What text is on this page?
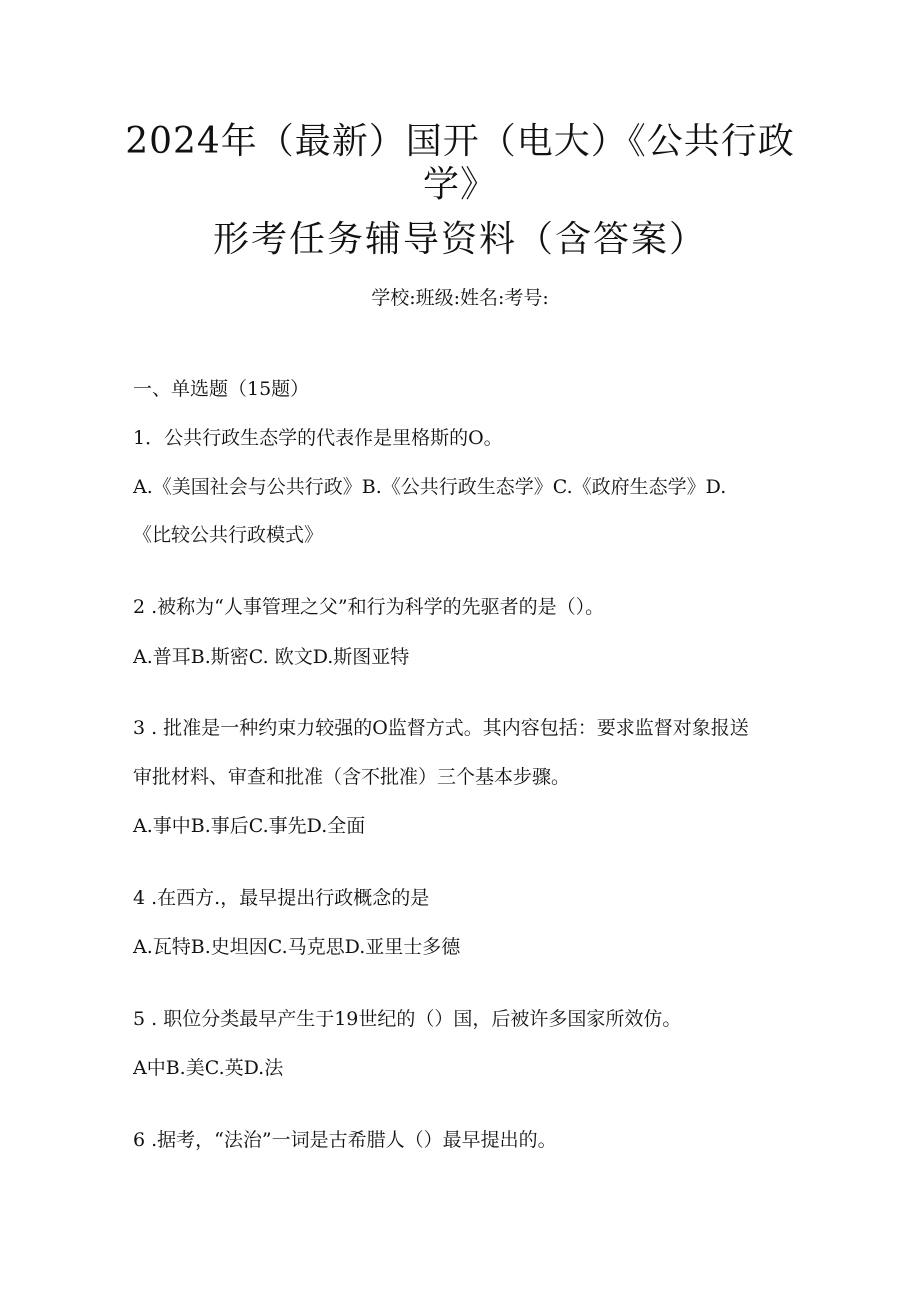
2024年（最新）国开（电大）《公共行政
学》
形考任务辅导资料（含答案）
学校:班级:姓名:考号:
一、单选题（15题）
1．公共行政生态学的代表作是里格斯的O。
A.《美国社会与公共行政》B.《公共行政生态学》C.《政府生态学》D.
《比较公共行政模式》
2 .被称为“人事管理之父”和行为科学的先驱者的是（）。
A.普耳B.斯密C. 欧文D.斯图亚特
3 . 批准是一种约束力较强的O监督方式。其内容包括：要求监督对象报送
审批材料、审查和批准（含不批准）三个基本步骤。
A.事中B.事后C.事先D.全面
4 .在西方.，最早提出行政概念的是
A.瓦特B.史坦因C.马克思D.亚里士多德
5 . 职位分类最早产生于19世纪的（）国，后被许多国家所效仿。
A中B.美C.英D.法
6 .据考，“法治”一词是古希腊人（）最早提出的。
